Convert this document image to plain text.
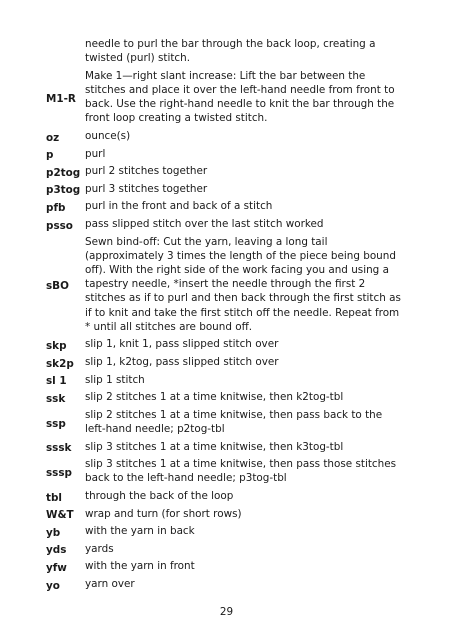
	needle to purl the bar through the back loop, creating a twisted (purl) stitch.
M1-R	Make 1—right slant increase: Lift the bar between the stitches and place it over the left-hand needle from front to back. Use the right-hand needle to knit the bar through the front loop creating a twisted stitch.
oz	ounce(s)
p	purl
p2tog	purl 2 stitches together
p3tog	purl 3 stitches together
pfb	purl in the front and back of a stitch
psso	pass slipped stitch over the last stitch worked
sBO	Sewn bind-off: Cut the yarn, leaving a long tail (approximately 3 times the length of the piece being bound off). With the right side of the work facing you and using a tapestry needle, *insert the needle through the first 2 stitches as if to purl and then back through the first stitch as if to knit and take the first stitch off the needle. Repeat from * until all stitches are bound off.
skp	slip 1, knit 1, pass slipped stitch over
sk2p	slip 1, k2tog, pass slipped stitch over
sl 1	slip 1 stitch
ssk	slip 2 stitches 1 at a time knitwise, then k2tog-tbl
ssp	slip 2 stitches 1 at a time knitwise, then pass back to the left-hand needle; p2tog-tbl
sssk	slip 3 stitches 1 at a time knitwise, then k3tog-tbl
sssp	slip 3 stitches 1 at a time knitwise, then pass those stitches back to the left-hand needle; p3tog-tbl
tbl	through the back of the loop
W&T	wrap and turn (for short rows)
yb	with the yarn in back
yds	yards
yfw	with the yarn in front
yo	yarn over
29
